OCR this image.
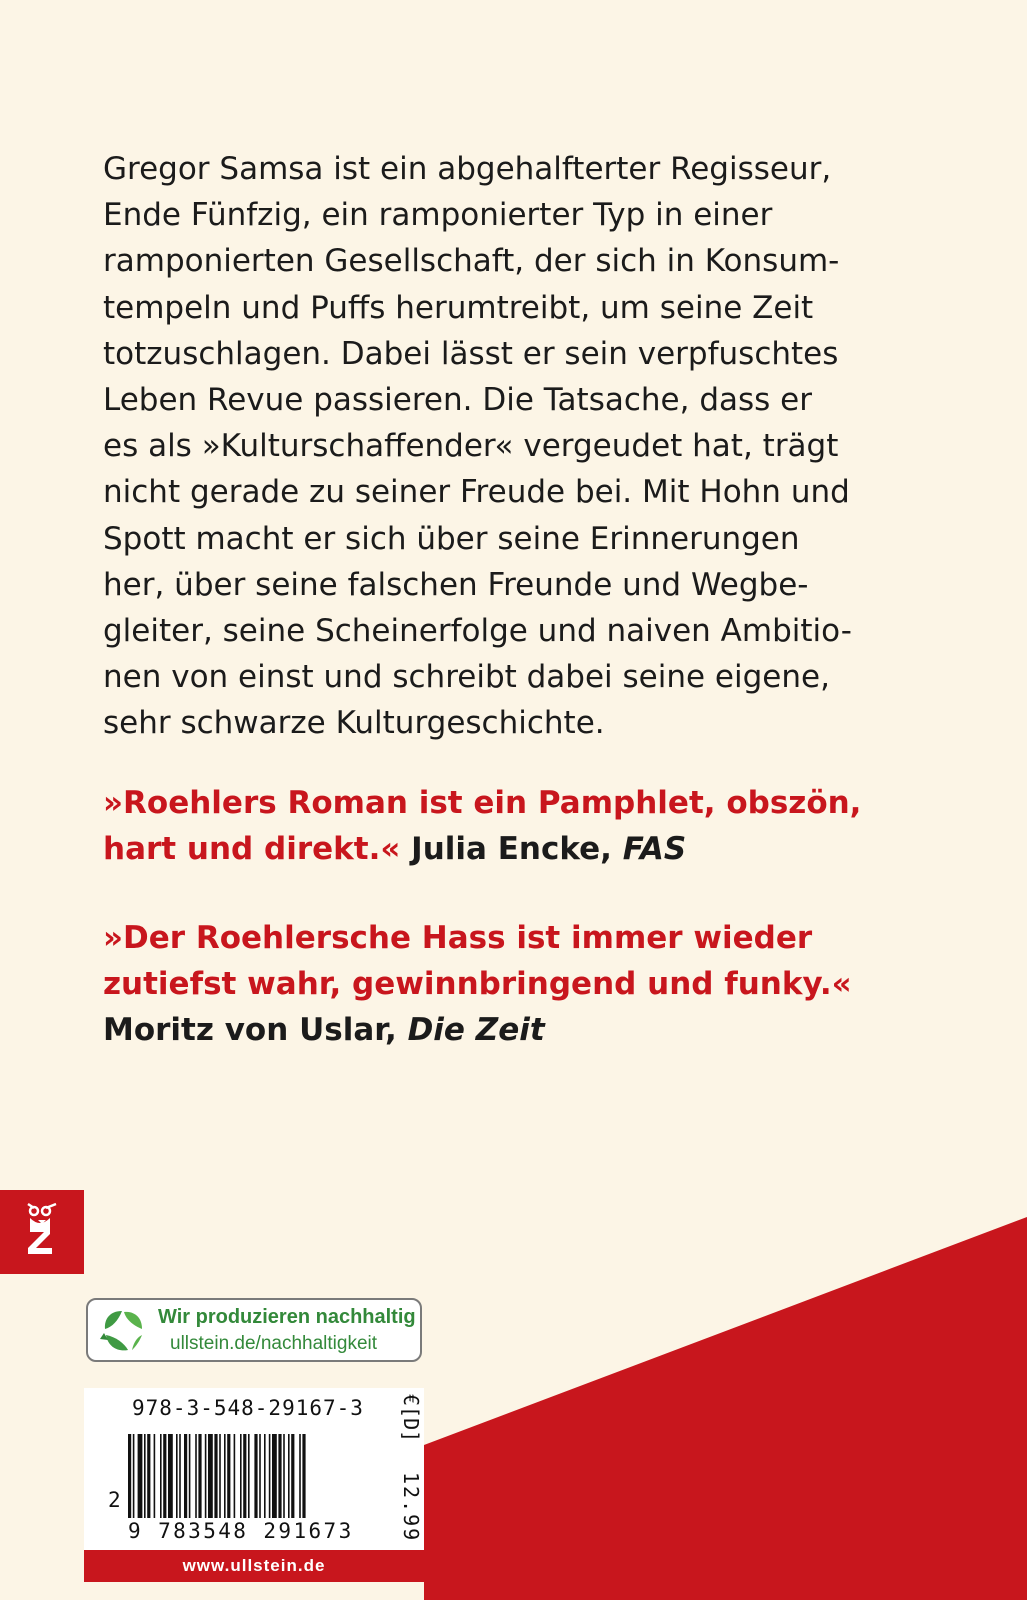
Gregor Samsa ist ein abgehalfterter Regisseur,
Ende Fünfzig, ein ramponierter Typ in einer
ramponierten Gesellschaft, der sich in Konsum-
tempeln und Puffs herumtreibt, um seine Zeit
totzuschlagen. Dabei lässt er sein verpfuschtes
Leben Revue passieren. Die Tatsache, dass er
es als »Kulturschaffender« vergeudet hat, trägt
nicht gerade zu seiner Freude bei. Mit Hohn und
Spott macht er sich über seine Erinnerungen
her, über seine falschen Freunde und Wegbe-
gleiter, seine Scheinerfolge und naiven Ambitio-
nen von einst und schreibt dabei seine eigene,
sehr schwarze Kulturgeschichte.
»Roehlers Roman ist ein Pamphlet, obszön,
hart und direkt.« Julia Encke, FAS
»Der Roehlersche Hass ist immer wieder
zutiefst wahr, gewinnbringend und funky.«
Moritz von Uslar, Die Zeit
Wir produzieren nachhaltig
ullstein.de/nachhaltigkeit
978-3-548-29167-3
2
9 783548 291673
€[D]
12.99
www.ullstein.de
